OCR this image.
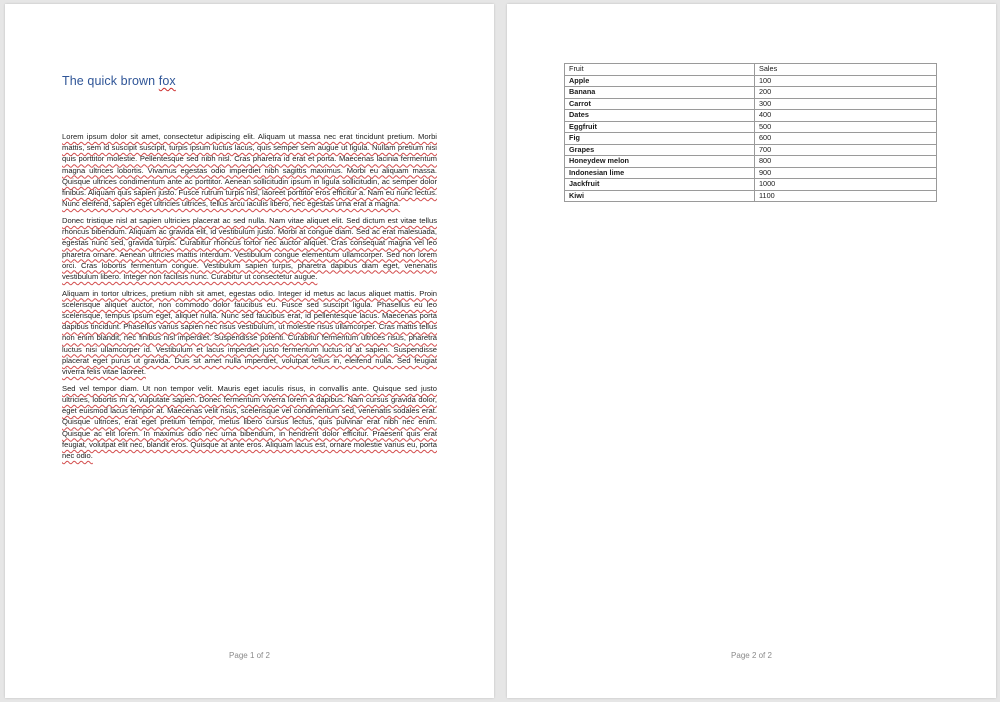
The quick brown fox

Lorem ipsum dolor sit amet, consectetur adipiscing elit. Aliquam ut massa nec erat tincidunt pretium. Morbi mattis, sem id suscipit suscipit, turpis ipsum luctus lacus, quis semper sem augue ut ligula. Nullam pretium nisi quis porttitor molestie. Pellentesque sed nibh nisl. Cras pharetra id erat et porta. Maecenas lacinia fermentum magna ultrices lobortis. Vivamus egestas odio imperdiet nibh sagittis maximus. Morbi eu aliquam massa. Quisque ultrices condimentum ante ac porttitor. Aenean sollicitudin ipsum in ligula sollicitudin, ac semper dolor finibus. Aliquam quis sapien justo. Fusce rutrum turpis nisl, laoreet porttitor eros efficitur a. Nam eu nunc lectus. Nunc eleifend, sapien eget ultricies ultrices, tellus arcu iaculis libero, nec egestas urna erat a magna.

Donec tristique nisl at sapien ultricies placerat ac sed nulla. Nam vitae aliquet elit. Sed dictum est vitae tellus rhoncus bibendum. Aliquam ac gravida elit, id vestibulum justo. Morbi at congue diam. Sed ac erat malesuada, egestas nunc sed, gravida turpis. Curabitur rhoncus tortor nec auctor aliquet. Cras consequat magna vel leo pharetra ornare. Aenean ultricies mattis interdum. Vestibulum congue elementum ullamcorper. Sed non lorem orci. Cras lobortis fermentum congue. Vestibulum sapien turpis, pharetra dapibus diam eget, venenatis vestibulum libero. Integer non facilisis nunc. Curabitur ut consectetur augue.

Aliquam in tortor ultrices, pretium nibh sit amet, egestas odio. Integer id metus ac lacus aliquet mattis. Proin scelerisque aliquet auctor, non commodo dolor faucibus eu. Fusce sed suscipit ligula. Phasellus eu leo scelerisque, tempus ipsum eget, aliquet nulla. Nunc sed faucibus erat, id pellentesque lacus. Maecenas porta dapibus tincidunt. Phasellus varius sapien nec risus vestibulum, ut molestie risus ullamcorper. Cras mattis tellus non enim blandit, nec finibus nisl imperdiet. Suspendisse potenti. Curabitur fermentum ultrices risus, pharetra luctus nisi ullamcorper id. Vestibulum et lacus imperdiet justo fermentum luctus id at sapien. Suspendisse placerat eget purus ut gravida. Duis sit amet nulla imperdiet, volutpat tellus in, eleifend nulla. Sed feugiat viverra felis vitae laoreet.

Sed vel tempor diam. Ut non tempor velit. Mauris eget iaculis risus, in convallis ante. Quisque sed justo ultricies, lobortis mi a, vulputate sapien. Donec fermentum viverra lorem a dapibus. Nam cursus gravida dolor, eget euismod lacus tempor at. Maecenas velit risus, scelerisque vel condimentum sed, venenatis sodales erat. Quisque ultrices, erat eget pretium tempor, metus libero cursus lectus, quis pulvinar erat nibh nec enim. Quisque ac elit lorem. In maximus odio nec urna bibendum, in hendrerit dolor efficitur. Praesent quis erat feugiat, volutpat elit nec, blandit eros. Quisque at ante eros. Aliquam lacus est, ornare molestie varius eu, porta nec odio.

Page 1 of 2
Fruit	Sales
Apple	100
Banana	200
Carrot	300
Dates	400
Eggfruit	500
Fig	600
Grapes	700
Honeydew melon	800
Indonesian lime	900
Jackfruit	1000
Kiwi	1100
Page 2 of 2
